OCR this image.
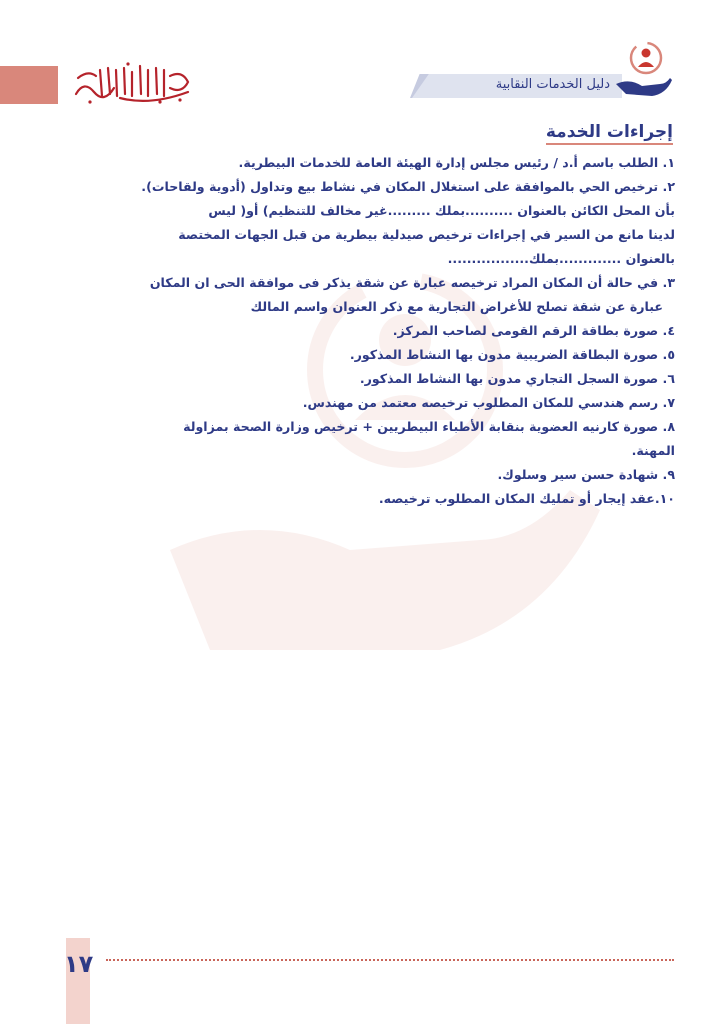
دليل الخدمات النقابية
إجراءات الخدمة

١. الطلب باسم أ.د / رئيس مجلس إدارة الهيئة العامة للخدمات البيطرية.

٢. ترخيص الحي بالموافقة على استغلال المكان في نشاط بيع وتداول (أدوية ولقاحات).

بأن المحل الكائن بالعنوان ..........بملك .........غير مخالف للتنظيم) أو( ليس

لدينا مانع من السير في إجراءات ترخيص صيدلية بيطرية من قبل الجهات المختصة

بالعنوان .............بملك.................

٣. في حالة أن المكان المراد ترخيصه عبارة عن شقة يذكر فى موافقة الحى ان المكان

عبارة عن شقة تصلح للأغراض التجارية مع ذكر العنوان واسم المالك

٤. صورة بطاقة الرقم القومى لصاحب المركز.

٥. صورة البطاقة الضريبية مدون بها النشاط المذكور.

٦. صورة السجل التجاري مدون بها النشاط المذكور.

٧. رسم هندسي للمكان المطلوب ترخيصه معتمد من مهندس.

٨. صورة كارنيه العضوية بنقابة الأطباء البيطريين + ترخيص وزارة الصحة بمزاولة

المهنة.

٩. شهادة حسن سير وسلوك.

١٠.عقد إيجار أو تمليك المكان المطلوب ترخيصه.

١٧
